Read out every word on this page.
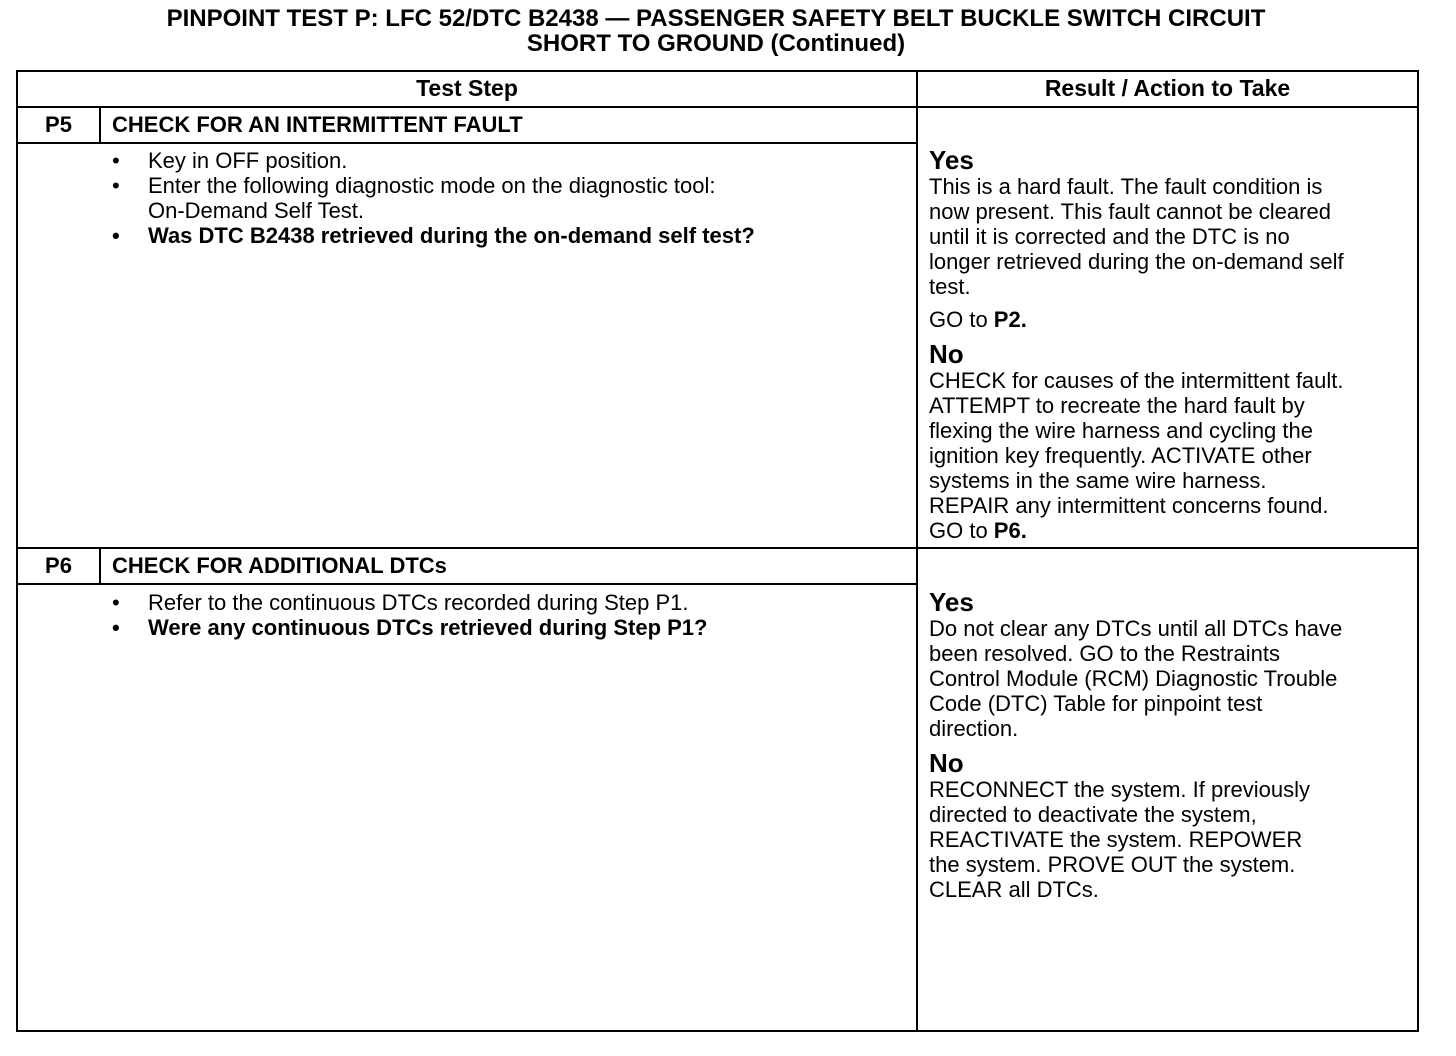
PINPOINT TEST P: LFC 52/DTC B2438 — PASSENGER SAFETY BELT BUCKLE SWITCH CIRCUIT
SHORT TO GROUND (Continued)
Test Step	Result / Action to Take
P5	CHECK FOR AN INTERMITTENT FAULT
• Key in OFF position.
• Enter the following diagnostic mode on the diagnostic tool:
On-Demand Self Test.
• Was DTC B2438 retrieved during the on-demand self test?
Yes
This is a hard fault. The fault condition is
now present. This fault cannot be cleared
until it is corrected and the DTC is no
longer retrieved during the on-demand self
test.
GO to P2.
No
CHECK for causes of the intermittent fault.
ATTEMPT to recreate the hard fault by
flexing the wire harness and cycling the
ignition key frequently. ACTIVATE other
systems in the same wire harness.
REPAIR any intermittent concerns found.
GO to P6.
P6	CHECK FOR ADDITIONAL DTCs
• Refer to the continuous DTCs recorded during Step P1.
• Were any continuous DTCs retrieved during Step P1?
Yes
Do not clear any DTCs until all DTCs have
been resolved. GO to the Restraints
Control Module (RCM) Diagnostic Trouble
Code (DTC) Table for pinpoint test
direction.
No
RECONNECT the system. If previously
directed to deactivate the system,
REACTIVATE the system. REPOWER
the system. PROVE OUT the system.
CLEAR all DTCs.
